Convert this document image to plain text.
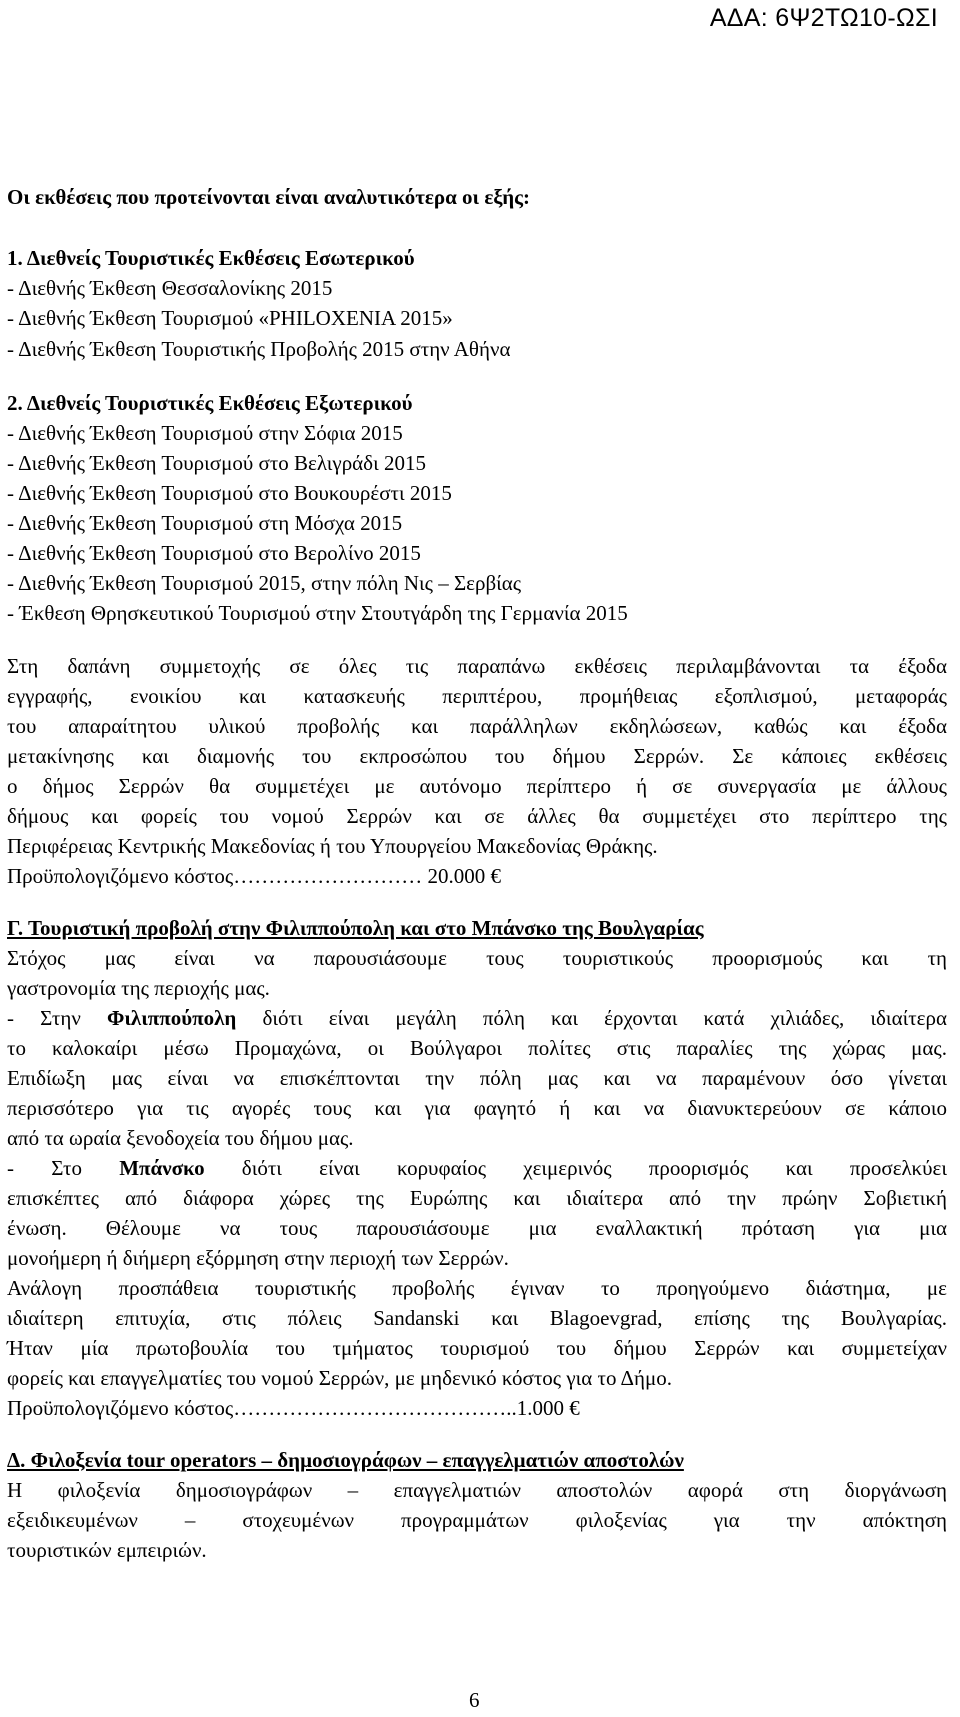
ΑΔΑ: 6Ψ2ΤΩ10-ΩΣΙ
Οι εκθέσεις που προτείνονται είναι αναλυτικότερα οι εξής:
1. Διεθνείς Τουριστικές Εκθέσεις Εσωτερικού
- Διεθνής Έκθεση Θεσσαλονίκης 2015
- Διεθνής Έκθεση Τουρισμού «PHILOXENIA 2015»
- Διεθνής Έκθεση Τουριστικής Προβολής 2015 στην Αθήνα
2. Διεθνείς Τουριστικές Εκθέσεις Εξωτερικού
- Διεθνής Έκθεση Τουρισμού στην Σόφια 2015
- Διεθνής Έκθεση Τουρισμού στο Βελιγράδι 2015
- Διεθνής Έκθεση Τουρισμού στο Βουκουρέστι 2015
- Διεθνής Έκθεση Τουρισμού στη Μόσχα 2015
- Διεθνής Έκθεση Τουρισμού στο Βερολίνο 2015
- Διεθνής Έκθεση Τουρισμού 2015, στην πόλη Νις – Σερβίας
- Έκθεση Θρησκευτικού Τουρισμού στην Στουτγάρδη της Γερμανία 2015
Στη δαπάνη συμμετοχής σε όλες τις παραπάνω εκθέσεις περιλαμβάνονται τα έξοδα
εγγραφής, ενοικίου και κατασκευής περιπτέρου, προμήθειας εξοπλισμού, μεταφοράς
του απαραίτητου υλικού προβολής και παράλληλων εκδηλώσεων, καθώς και έξοδα
μετακίνησης και διαμονής του εκπροσώπου του δήμου Σερρών. Σε κάποιες εκθέσεις
ο δήμος Σερρών θα συμμετέχει με αυτόνομο περίπτερο ή σε συνεργασία με άλλους
δήμους και φορείς του νομού Σερρών και σε άλλες θα συμμετέχει στο περίπτερο της
Περιφέρειας Κεντρικής Μακεδονίας ή του Υπουργείου Μακεδονίας Θράκης.
Προϋπολογιζόμενο κόστος……………………… 20.000 €
Γ. Τουριστική προβολή στην Φιλιππούπολη και στο Μπάνσκο της Βουλγαρίας
Στόχος μας είναι να παρουσιάσουμε τους τουριστικούς προορισμούς και τη
γαστρονομία της περιοχής μας.
- Στην Φιλιππούπολη διότι είναι μεγάλη πόλη και έρχονται κατά χιλιάδες, ιδιαίτερα
το καλοκαίρι μέσω Προμαχώνα, οι Βούλγαροι πολίτες στις παραλίες της χώρας μας.
Επιδίωξη μας είναι να επισκέπτονται την πόλη μας και να παραμένουν όσο γίνεται
περισσότερο για τις αγορές τους και για φαγητό ή και να διανυκτερεύουν σε κάποιο
από τα ωραία ξενοδοχεία του δήμου μας.
- Στο Μπάνσκο διότι είναι κορυφαίος χειμερινός προορισμός και προσελκύει
επισκέπτες από διάφορα χώρες της Ευρώπης και ιδιαίτερα από την πρώην Σοβιετική
ένωση. Θέλουμε να τους παρουσιάσουμε μια εναλλακτική πρόταση για μια
μονοήμερη ή διήμερη εξόρμηση στην περιοχή των Σερρών.
Ανάλογη προσπάθεια τουριστικής προβολής έγιναν το προηγούμενο διάστημα, με
ιδιαίτερη επιτυχία, στις πόλεις Sandanski και Blagoevgrad, επίσης της Βουλγαρίας.
Ήταν μία πρωτοβουλία του τμήματος τουρισμού του δήμου Σερρών και συμμετείχαν
φορείς και επαγγελματίες του νομού Σερρών, με μηδενικό κόστος για το Δήμο.
Προϋπολογιζόμενο κόστος…………………………………..1.000 €
Δ. Φιλοξενία tour operators – δημοσιογράφων – επαγγελματιών αποστολών
Η φιλοξενία δημοσιογράφων – επαγγελματιών αποστολών αφορά στη διοργάνωση
εξειδικευμένων – στοχευμένων προγραμμάτων φιλοξενίας για την απόκτηση
τουριστικών εμπειριών.
6
